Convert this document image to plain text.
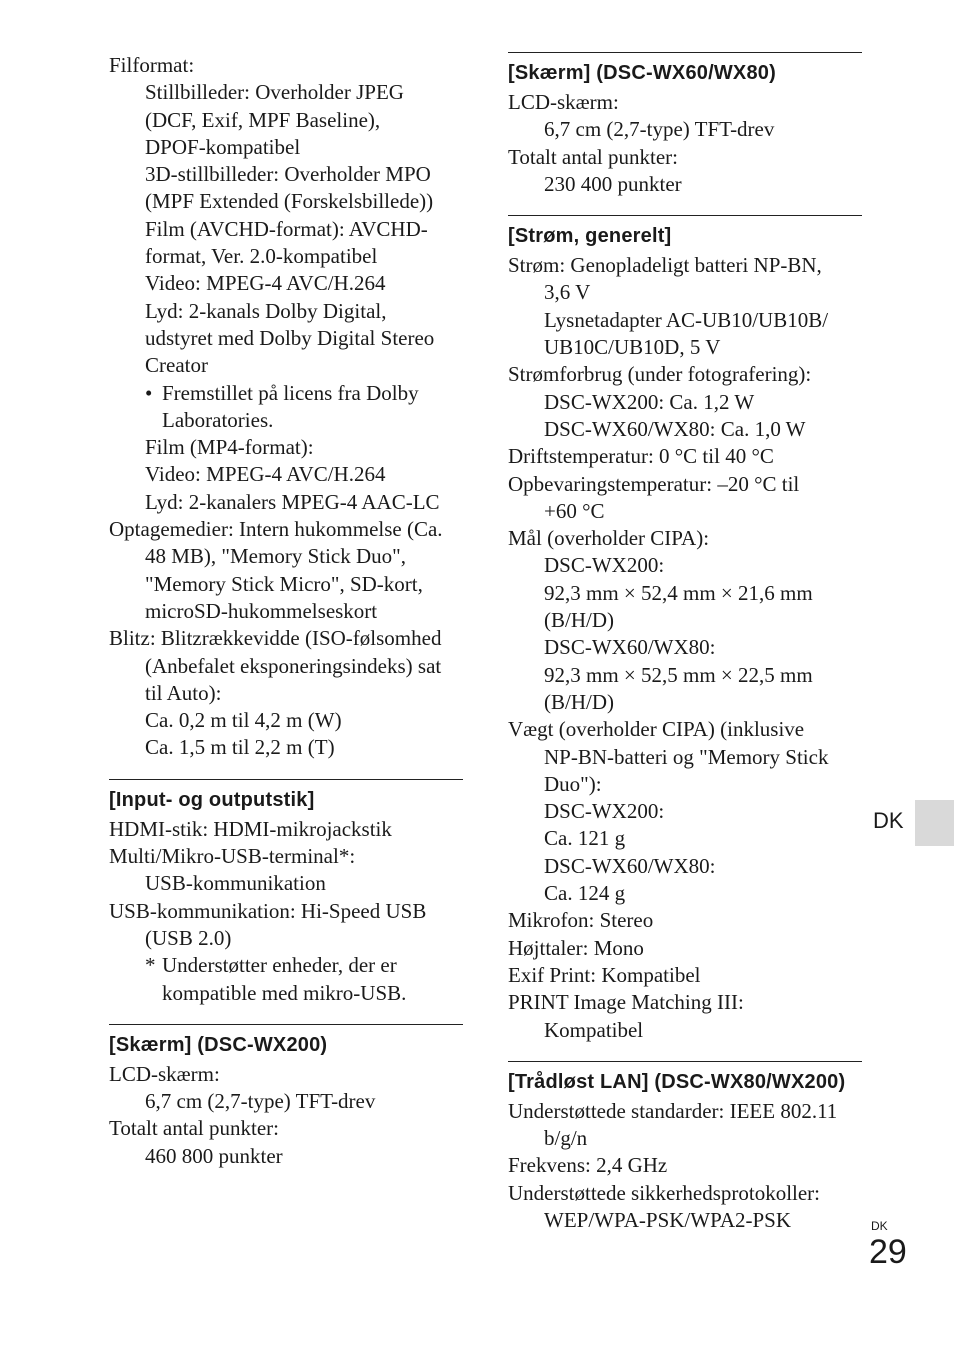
Filformat:
Stillbilleder: Overholder JPEG
(DCF, Exif, MPF Baseline),
DPOF-kompatibel
3D-stillbilleder: Overholder MPO
(MPF Extended (Forskelsbillede))
Film (AVCHD-format): AVCHD-
format, Ver. 2.0-kompatibel
Video: MPEG-4 AVC/H.264
Lyd: 2-kanals Dolby Digital,
udstyret med Dolby Digital Stereo
Creator
• Fremstillet på licens fra Dolby
Laboratories.
Film (MP4-format):
Video: MPEG-4 AVC/H.264
Lyd: 2-kanalers MPEG-4 AAC-LC
Optagemedier: Intern hukommelse (Ca.
48 MB), "Memory Stick Duo",
"Memory Stick Micro", SD-kort,
microSD-hukommelseskort
Blitz: Blitzrækkevidde (ISO-følsomhed
(Anbefalet eksponeringsindeks) sat
til Auto):
Ca. 0,2 m til 4,2 m (W)
Ca. 1,5 m til 2,2 m (T)
[Input- og outputstik]
HDMI-stik: HDMI-mikrojackstik
Multi/Mikro-USB-terminal*:
USB-kommunikation
USB-kommunikation: Hi-Speed USB
(USB 2.0)
* Understøtter enheder, der er
kompatible med mikro-USB.
[Skærm] (DSC-WX200)
LCD-skærm:
6,7 cm (2,7-type) TFT-drev
Totalt antal punkter:
460 800 punkter
[Skærm] (DSC-WX60/WX80)
LCD-skærm:
6,7 cm (2,7-type) TFT-drev
Totalt antal punkter:
230 400 punkter
[Strøm, generelt]
Strøm: Genopladeligt batteri NP-BN,
3,6 V
Lysnetadapter AC-UB10/UB10B/
UB10C/UB10D, 5 V
Strømforbrug (under fotografering):
DSC-WX200: Ca. 1,2 W
DSC-WX60/WX80: Ca. 1,0 W
Driftstemperatur: 0 °C til 40 °C
Opbevaringstemperatur: –20 °C til
+60 °C
Mål (overholder CIPA):
DSC-WX200:
92,3 mm × 52,4 mm × 21,6 mm
(B/H/D)
DSC-WX60/WX80:
92,3 mm × 52,5 mm × 22,5 mm
(B/H/D)
Vægt (overholder CIPA) (inklusive
NP-BN-batteri og "Memory Stick
Duo"):
DSC-WX200:
Ca. 121 g
DSC-WX60/WX80:
Ca. 124 g
Mikrofon: Stereo
Højttaler: Mono
Exif Print: Kompatibel
PRINT Image Matching III:
Kompatibel
[Trådløst LAN] (DSC-WX80/WX200)
Understøttede standarder: IEEE 802.11
b/g/n
Frekvens: 2,4 GHz
Understøttede sikkerhedsprotokoller:
WEP/WPA-PSK/WPA2-PSK
DK
DK
29
